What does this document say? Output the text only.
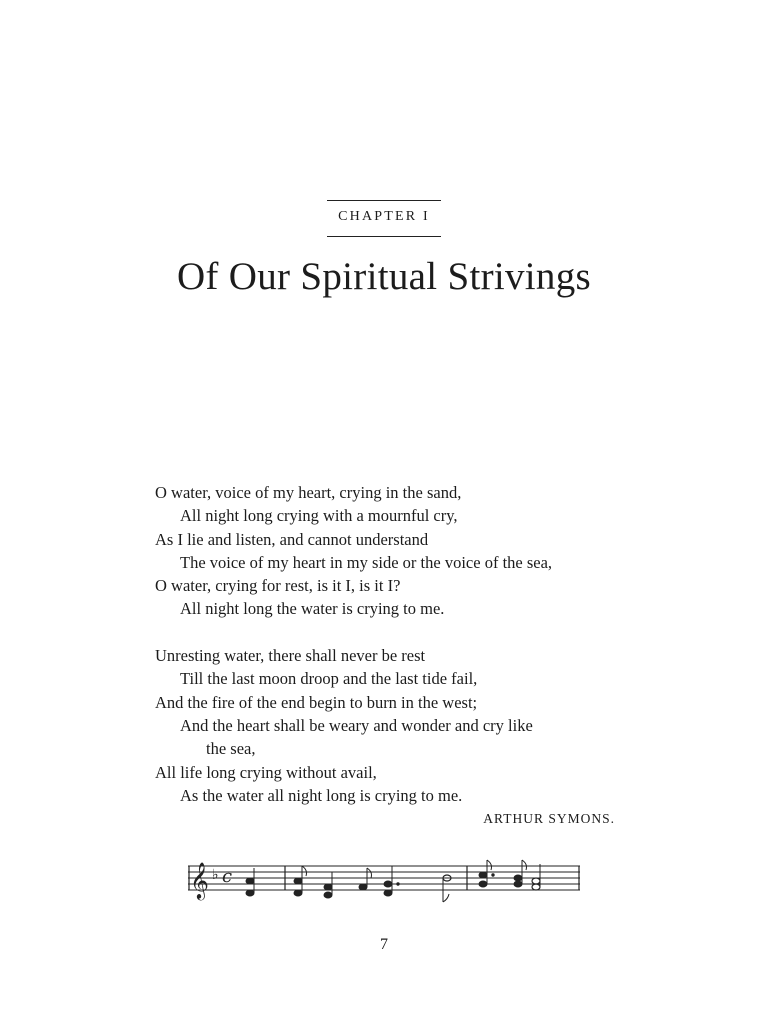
CHAPTER I
Of Our Spiritual Strivings
O water, voice of my heart, crying in the sand,
All night long crying with a mournful cry,
As I lie and listen, and cannot understand
The voice of my heart in my side or the voice of the sea,
O water, crying for rest, is it I, is it I?
All night long the water is crying to me.
Unresting water, there shall never be rest
Till the last moon droop and the last tide fail,
And the fire of the end begin to burn in the west;
And the heart shall be weary and wonder and cry like
the sea,
All life long crying without avail,
As the water all night long is crying to me.
ARTHUR SYMONS.
𝄞 ♭ c
7
